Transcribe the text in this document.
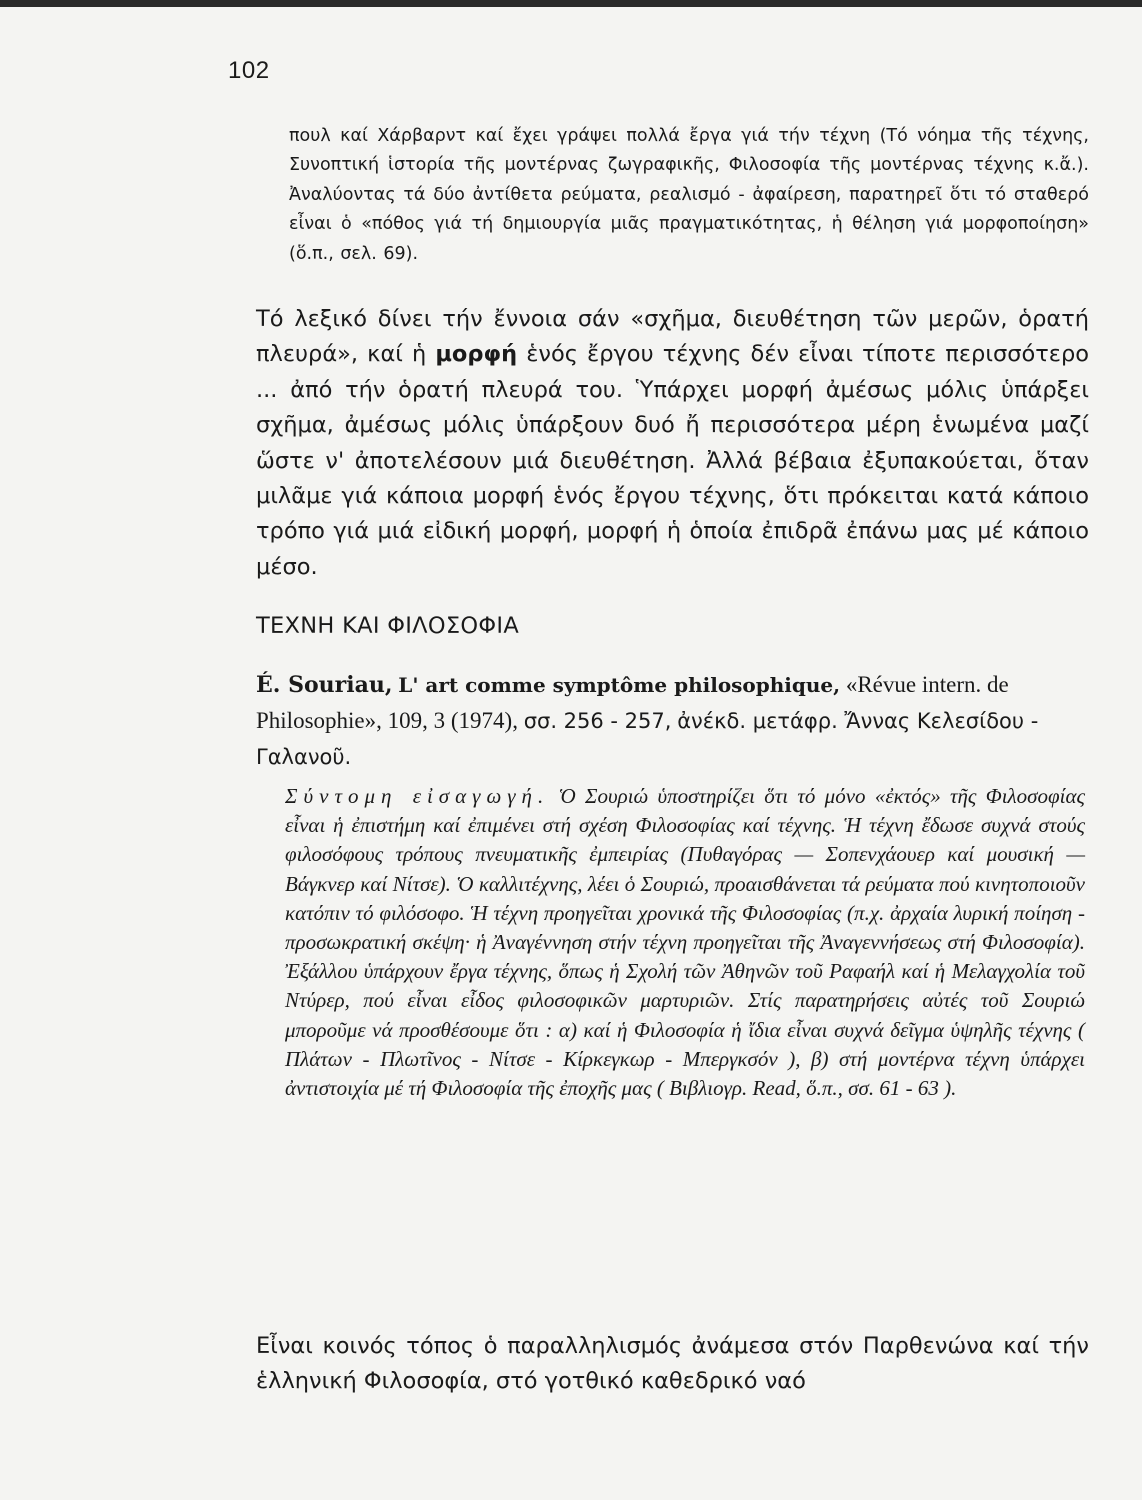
102
πουλ καί Χάρβαρντ καί ἔχει γράψει πολλά ἔργα γιά τήν τέχνη (Τό νόημα τῆς τέχνης, Συνοπτική ἱστορία τῆς μοντέρνας ζωγραφικῆς, Φιλοσοφία τῆς μοντέρνας τέχνης κ.ἄ.). Ἀναλύοντας τά δύο ἀντίθετα ρεύματα, ρεαλισμό - ἀφαίρεση, παρατηρεῖ ὅτι τό σταθερό εἶναι ὁ «πόθος γιά τή δημιουργία μιᾶς πραγματικότητας, ἡ θέληση γιά μορφοποίηση» (ὅ.π., σελ. 69).
Τό λεξικό δίνει τήν ἔννοια σάν «σχῆμα, διευθέτηση τῶν μερῶν, ὁρατή πλευρά», καί ἡ μορφή ἑνός ἔργου τέχνης δέν εἶναι τίποτε περισσότερο ... ἀπό τήν ὁρατή πλευρά του. Ὑπάρχει μορφή ἀμέσως μόλις ὑπάρξει σχῆμα, ἀμέσως μόλις ὑπάρξουν δυό ἤ περισσότερα μέρη ἑνωμένα μαζί ὥστε ν' ἀποτελέσουν μιά διευθέτηση. Ἀλλά βέβαια ἐξυπακούεται, ὅταν μιλᾶμε γιά κάποια μορφή ἑνός ἔργου τέχνης, ὅτι πρόκειται κατά κάποιο τρόπο γιά μιά εἰδική μορφή, μορφή ἡ ὁποία ἐπιδρᾶ ἐπάνω μας μέ κάποιο μέσο.
ΤΕΧΝΗ ΚΑΙ ΦΙΛΟΣΟΦΙΑ
É. Souriau, L' art comme symptôme philosophique, «Révue intern. de Philosophie», 109, 3 (1974), σσ. 256 - 257, ἀνέκδ. μετάφρ. Ἄννας Κελεσίδου - Γαλανοῦ.
Σύντομη εἰσαγωγή. Ὁ Σουριώ ὑποστηρίζει ὅτι τό μόνο «ἐκτός» τῆς Φιλοσοφίας εἶναι ἡ ἐπιστήμη καί ἐπιμένει στή σχέση Φιλοσοφίας καί τέχνης. Ἡ τέχνη ἔδωσε συχνά στούς φιλοσόφους τρόπους πνευματικῆς ἐμπειρίας (Πυθαγόρας — Σοπενχάουερ καί μουσική — Βάγκνερ καί Νίτσε). Ὁ καλλιτέχνης, λέει ὁ Σουριώ, προαισθάνεται τά ρεύματα πού κινητοποιοῦν κατόπιν τό φιλόσοφο. Ἡ τέχνη προηγεῖται χρονικά τῆς Φιλοσοφίας (π.χ. ἀρχαία λυρική ποίηση - προσωκρατική σκέψη· ἡ Ἀναγέννηση στήν τέχνη προηγεῖται τῆς Ἀναγεννήσεως στή Φιλοσοφία). Ἐξάλλου ὑπάρχουν ἔργα τέχνης, ὅπως ἡ Σχολή τῶν Ἀθηνῶν τοῦ Ραφαήλ καί ἡ Μελαγχολία τοῦ Ντύρερ, πού εἶναι εἶδος φιλοσοφικῶν μαρτυριῶν. Στίς παρατηρήσεις αὐτές τοῦ Σουριώ μποροῦμε νά προσθέσουμε ὅτι : α) καί ἡ Φιλοσοφία ἡ ἴδια εἶναι συχνά δεῖγμα ὑψηλῆς τέχνης ( Πλάτων - Πλωτῖνος - Νίτσε - Κίρκεγκωρ - Μπεργκσόν ), β) στή μοντέρνα τέχνη ὑπάρχει ἀντιστοιχία μέ τή Φιλοσοφία τῆς ἐποχῆς μας ( Βιβλιογρ. Read, ὅ.π., σσ. 61 - 63 ).
Εἶναι κοινός τόπος ὁ παραλληλισμός ἀνάμεσα στόν Παρθενώνα καί τήν ἑλληνική Φιλοσοφία, στό γοτθικό καθεδρικό ναό
